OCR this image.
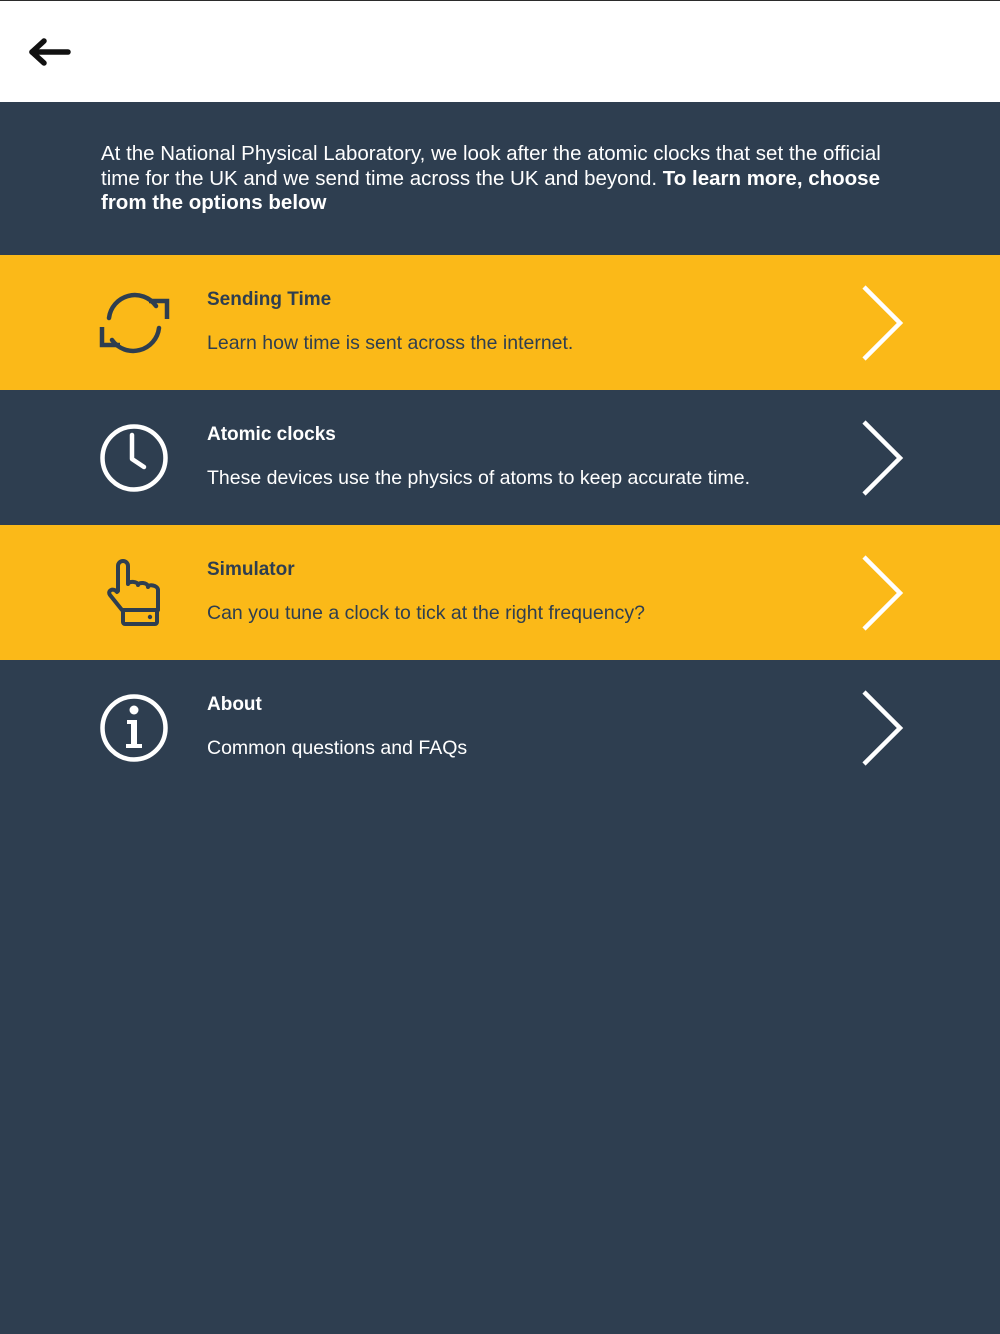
At the National Physical Laboratory, we look after the atomic clocks that set the official time for the UK and we send time across the UK and beyond. To learn more, choose from the options below

Sending Time

Learn how time is sent across the internet.

Atomic clocks

These devices use the physics of atoms to keep accurate time.

Simulator

Can you tune a clock to tick at the right frequency?

About

Common questions and FAQs
